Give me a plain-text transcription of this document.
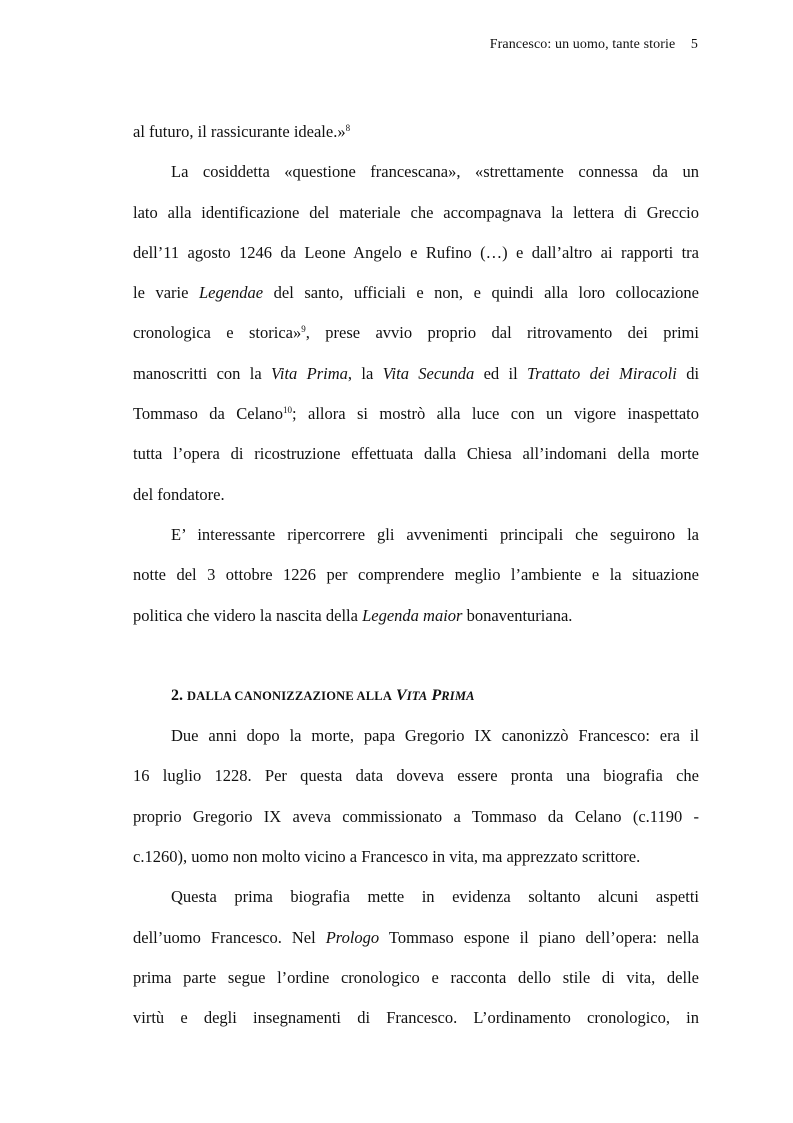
Francesco: un uomo, tante storie 5
al futuro, il rassicurante ideale.»$^8$
La cosiddetta «questione francescana», «strettamente connessa da un
lato alla identificazione del materiale che accompagnava la lettera di Greccio
dell’11 agosto 1246 da Leone Angelo e Rufino (…) e dall’altro ai rapporti tra
le varie Legendae del santo, ufficiali e non, e quindi alla loro collocazione
cronologica e storica»$^9$, prese avvio proprio dal ritrovamento dei primi
manoscritti con la Vita Prima, la Vita Secunda ed il Trattato dei Miracoli di
Tommaso da Celano$^{10}$; allora si mostrò alla luce con un vigore inaspettato
tutta l’opera di ricostruzione effettuata dalla Chiesa all’indomani della morte
del fondatore.
E’ interessante ripercorrere gli avvenimenti principali che seguirono la
notte del 3 ottobre 1226 per comprendere meglio l’ambiente e la situazione
politica che videro la nascita della Legenda maior bonaventuriana.
2. DALLA CANONIZZAZIONE ALLA VITA PRIMA
Due anni dopo la morte, papa Gregorio IX canonizzò Francesco: era il
16 luglio 1228. Per questa data doveva essere pronta una biografia che
proprio Gregorio IX aveva commissionato a Tommaso da Celano (c.1190 -
c.1260), uomo non molto vicino a Francesco in vita, ma apprezzato scrittore.
Questa prima biografia mette in evidenza soltanto alcuni aspetti
dell’uomo Francesco. Nel Prologo Tommaso espone il piano dell’opera: nella
prima parte segue l’ordine cronologico e racconta dello stile di vita, delle
virtù e degli insegnamenti di Francesco. L’ordinamento cronologico, in
